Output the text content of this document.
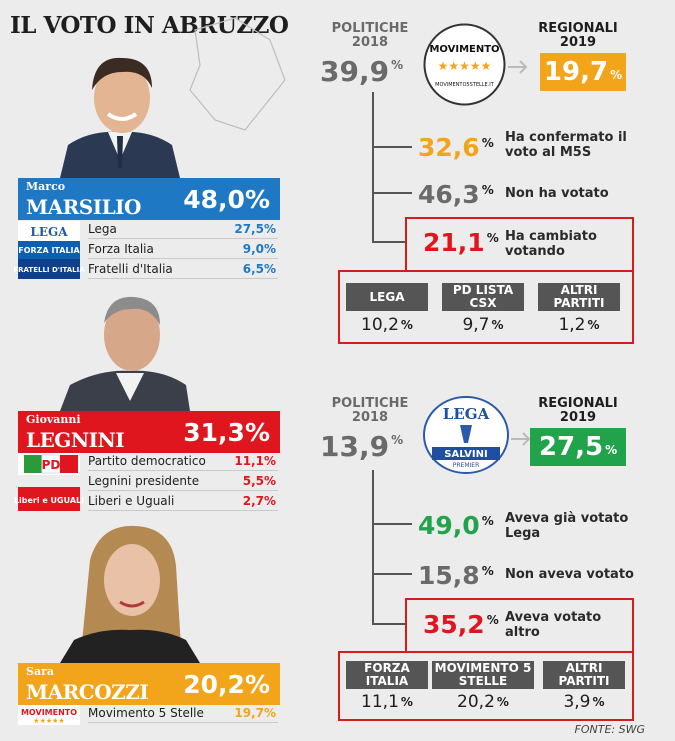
IL VOTO IN ABRUZZO
Marco
MARSILIO 48,0%
LEGA
FORZA ITALIA
FRATELLI D'ITALIA
Lega	27,5%
Forza Italia	9,0%
Fratelli d'Italia	6,5%
Giovanni
LEGNINI 31,3%
PD
Liberi e UGUALI
Partito democratico 11,1%
Legnini presidente	5,5%
Liberi e Uguali	2,7%
Sara
MARCOZZI 20,2%
MOVIMENTO
★★★★★
Movimento 5 Stelle	19,7%
POLITICHE 2018
39,9 %
MOVIMENTO
★★★★★
MOVIMENTO5STELLE.IT
REGIONALI 2019
19,7 %
32,6 % Ha confermato il voto al M5S
46,3 % Non ha votato
21,1 % Ha cambiato votando
LEGA
10,2 %
PD LISTA CSX
9,7 %
ALTRI PARTITI
1,2 %
POLITICHE 2018
13,9 %
LEGA
SALVINI
PREMIER
REGIONALI 2019
27,5 %
49,0 % Aveva già votato Lega
15,8 % Non aveva votato
35,2 % Aveva votato altro
FORZA ITALIA
11,1 %
MOVIMENTO 5 STELLE
20,2 %
ALTRI PARTITI
3,9 %
FONTE: SWG
